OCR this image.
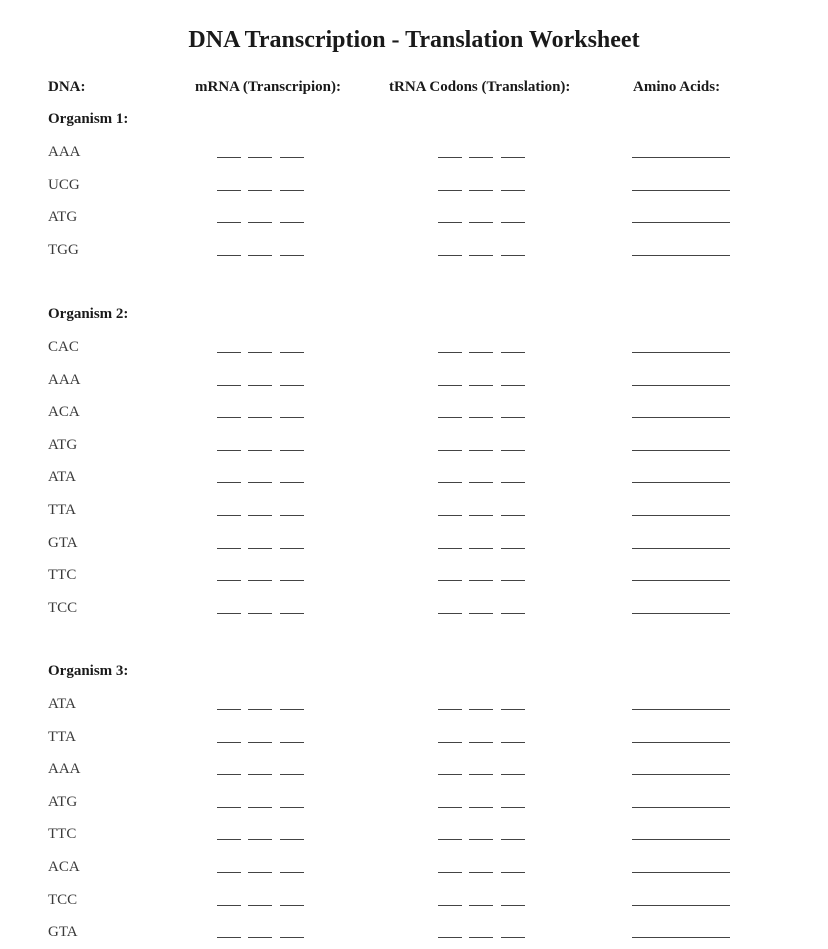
DNA Transcription - Translation Worksheet
DNA:	mRNA (Transcripion):	tRNA Codons (Translation):	Amino Acids:
Organism 1:
AAA
UCG
ATG
TGG
Organism 2:
CAC
AAA
ACA
ATG
ATA
TTA
GTA
TTC
TCC
Organism 3:
ATA
TTA
AAA
ATG
TTC
ACA
TCC
GTA
